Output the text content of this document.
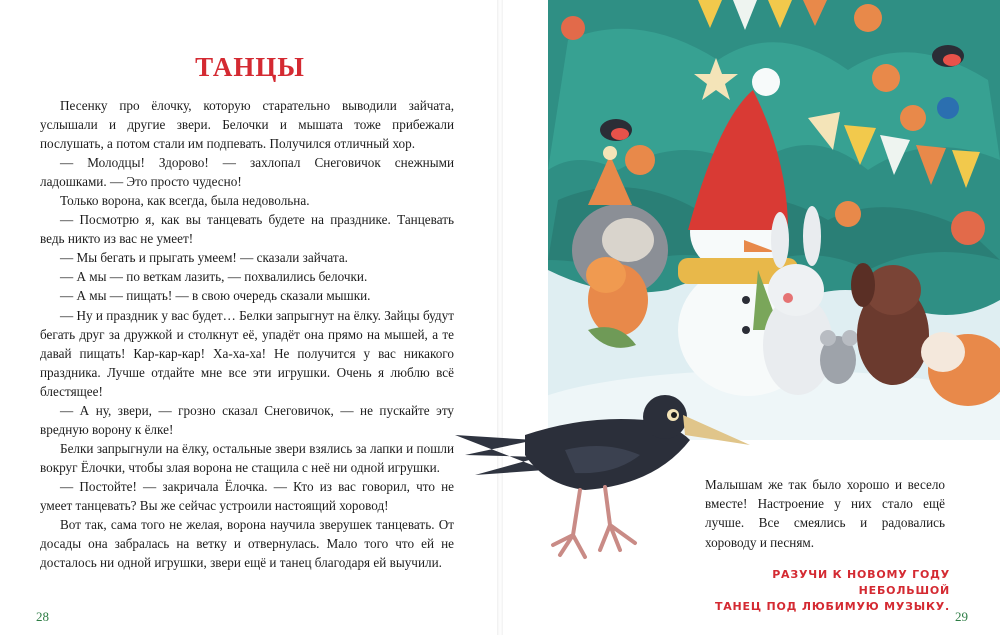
ТАНЦЫ

Песенку про ёлочку, которую старательно выводили зайчата, услышали и другие звери. Белочки и мышата тоже прибежали послушать, а потом стали им подпевать. Получился отличный хор.

— Молодцы! Здорово! — захлопал Снеговичок снежными ладошками. — Это просто чудесно!

Только ворона, как всегда, была недовольна.

— Посмотрю я, как вы танцевать будете на празднике. Танцевать ведь никто из вас не умеет!

— Мы бегать и прыгать умеем! — сказали зайчата.

— А мы — по веткам лазить, — похвалились белочки.

— А мы — пищать! — в свою очередь сказали мышки.

— Ну и праздник у вас будет… Белки запрыгнут на ёлку. Зайцы будут бегать друг за дружкой и столкнут её, упадёт она прямо на мышей, а те давай пищать! Кар-кар-кар! Ха-ха-ха! Не получится у вас никакого праздника. Лучше отдайте мне все эти игрушки. Очень я люблю всё блестящее!

— А ну, звери, — грозно сказал Снеговичок, — не пускайте эту вредную ворону к ёлке!

Белки запрыгнули на ёлку, остальные звери взялись за лапки и пошли вокруг Ёлочки, чтобы злая ворона не стащила с неё ни одной игрушки.

— Постойте! — закричала Ёлочка. — Кто из вас говорил, что не умеет танцевать? Вы же сейчас устроили настоящий хоровод!

Вот так, сама того не желая, ворона научила зверушек танцевать. От досады она забралась на ветку и отвернулась. Мало того что ей не досталось ни одной игрушки, звери ещё и танец благодаря ей выучили.

28

Малышам же так было хорошо и весело вместе! Настроение у них стало ещё лучше. Все смеялись и радовались хороводу и песням.

РАЗУЧИ К НОВОМУ ГОДУ НЕБОЛЬШОЙ
ТАНЕЦ ПОД ЛЮБИМУЮ МУЗЫКУ.
29
